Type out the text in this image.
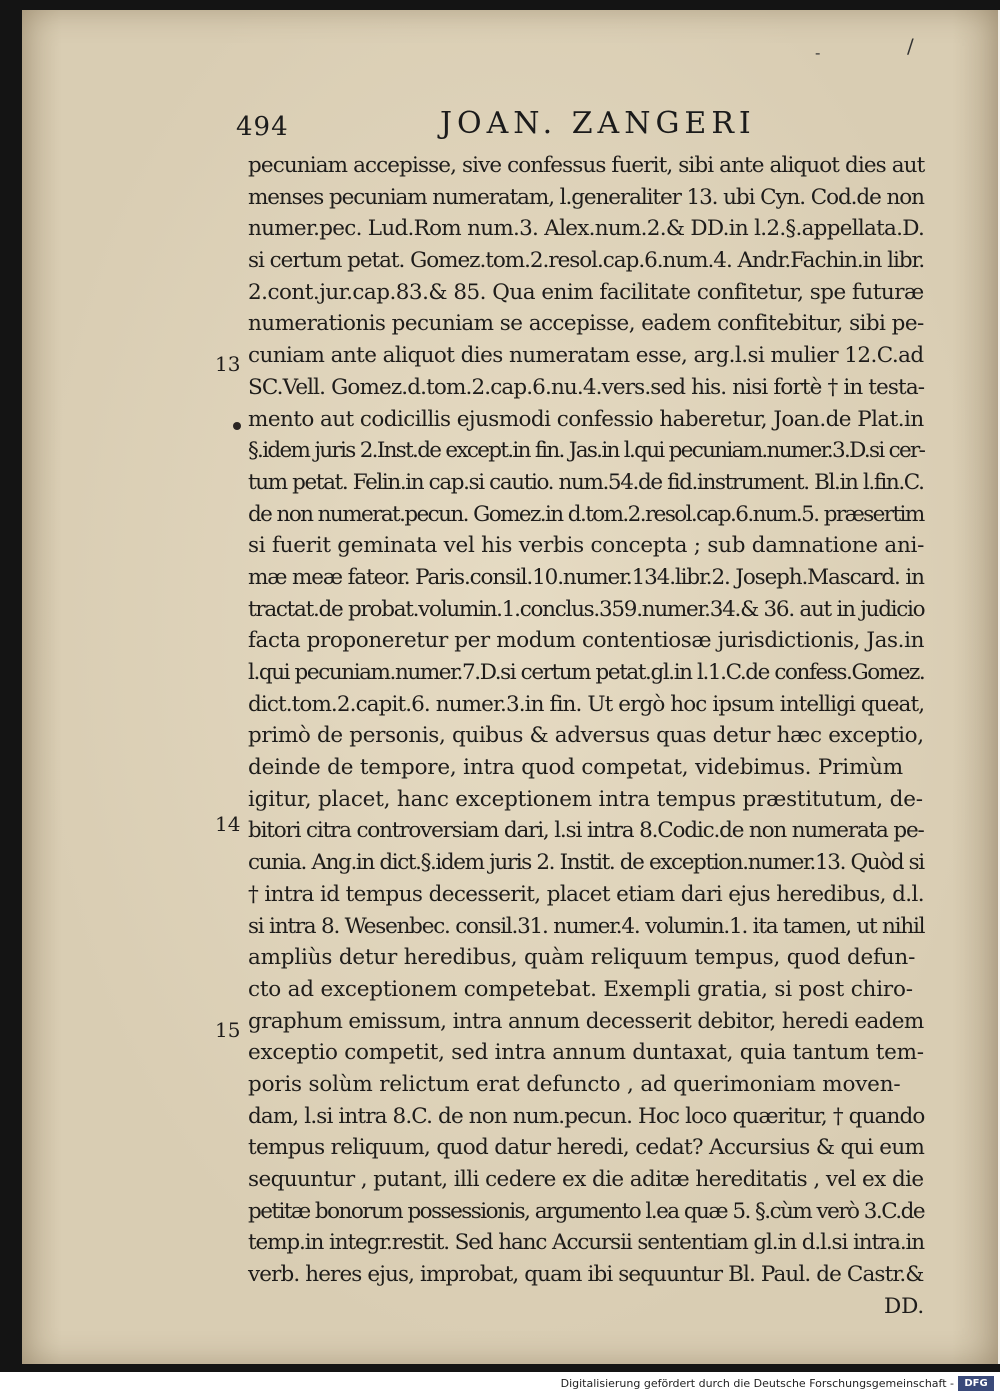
-	/
494	JOAN. ZANGERI
pecuniam accepisse, sive confessus fuerit, sibi ante aliquot dies aut
menses pecuniam numeratam, l.generaliter 13. ubi Cyn. Cod.de non
numer.pec. Lud.Rom num.3. Alex.num.2.& DD.in l.2.§.appellata.D.
si certum petat. Gomez.tom.2.resol.cap.6.num.4. Andr.Fachin.in libr.
2.cont.jur.cap.83.& 85. Qua enim facilitate confitetur, spe futuræ
numerationis pecuniam se accepisse, eadem confitebitur, sibi pe-
cuniam ante aliquot dies numeratam esse, arg.l.si mulier 12.C.ad
SC.Vell. Gomez.d.tom.2.cap.6.nu.4.vers.sed his. nisi fortè † in testa-
mento aut codicillis ejusmodi confessio haberetur, Joan.de Plat.in
§.idem juris 2.Inst.de except.in fin. Jas.in l.qui pecuniam.numer.3.D.si cer-
tum petat. Felin.in cap.si cautio. num.54.de fid.instrument. Bl.in l.fin.C.
de non numerat.pecun. Gomez.in d.tom.2.resol.cap.6.num.5. præsertim
si fuerit geminata vel his verbis concepta ; sub damnatione ani-
mæ meæ fateor. Paris.consil.10.numer.134.libr.2. Joseph.Mascard. in
tractat.de probat.volumin.1.conclus.359.numer.34.& 36. aut in judicio
facta proponeretur per modum contentiosæ jurisdictionis, Jas.in
l.qui pecuniam.numer.7.D.si certum petat.gl.in l.1.C.de confess.Gomez.
dict.tom.2.capit.6. numer.3.in fin. Ut ergò hoc ipsum intelligi queat,
primò de personis, quibus & adversus quas detur hæc exceptio,
deinde de tempore, intra quod competat, videbimus. Primùm
igitur, placet, hanc exceptionem intra tempus præstitutum, de-
bitori citra controversiam dari, l.si intra 8.Codic.de non numerata pe-
cunia. Ang.in dict.§.idem juris 2. Instit. de exception.numer.13. Quòd si
† intra id tempus decesserit, placet etiam dari ejus heredibus, d.l.
si intra 8. Wesenbec. consil.31. numer.4. volumin.1. ita tamen, ut nihil
ampliùs detur heredibus, quàm reliquum tempus, quod defun-
cto ad exceptionem competebat. Exempli gratia, si post chiro-
graphum emissum, intra annum decesserit debitor, heredi eadem
exceptio competit, sed intra annum duntaxat, quia tantum tem-
poris solùm relictum erat defuncto , ad querimoniam moven-
dam, l.si intra 8.C. de non num.pecun. Hoc loco quæritur, † quando
tempus reliquum, quod datur heredi, cedat? Accursius & qui eum
sequuntur , putant, illi cedere ex die aditæ hereditatis , vel ex die
petitæ bonorum possessionis, argumento l.ea quæ 5. §.cùm verò 3.C.de
temp.in integr.restit. Sed hanc Accursii sententiam gl.in d.l.si intra.in
verb. heres ejus, improbat, quam ibi sequuntur Bl. Paul. de Castr.&
DD.
13
14
15
Digitalisierung gefördert durch die Deutsche Forschungsgemeinschaft -	DFG
